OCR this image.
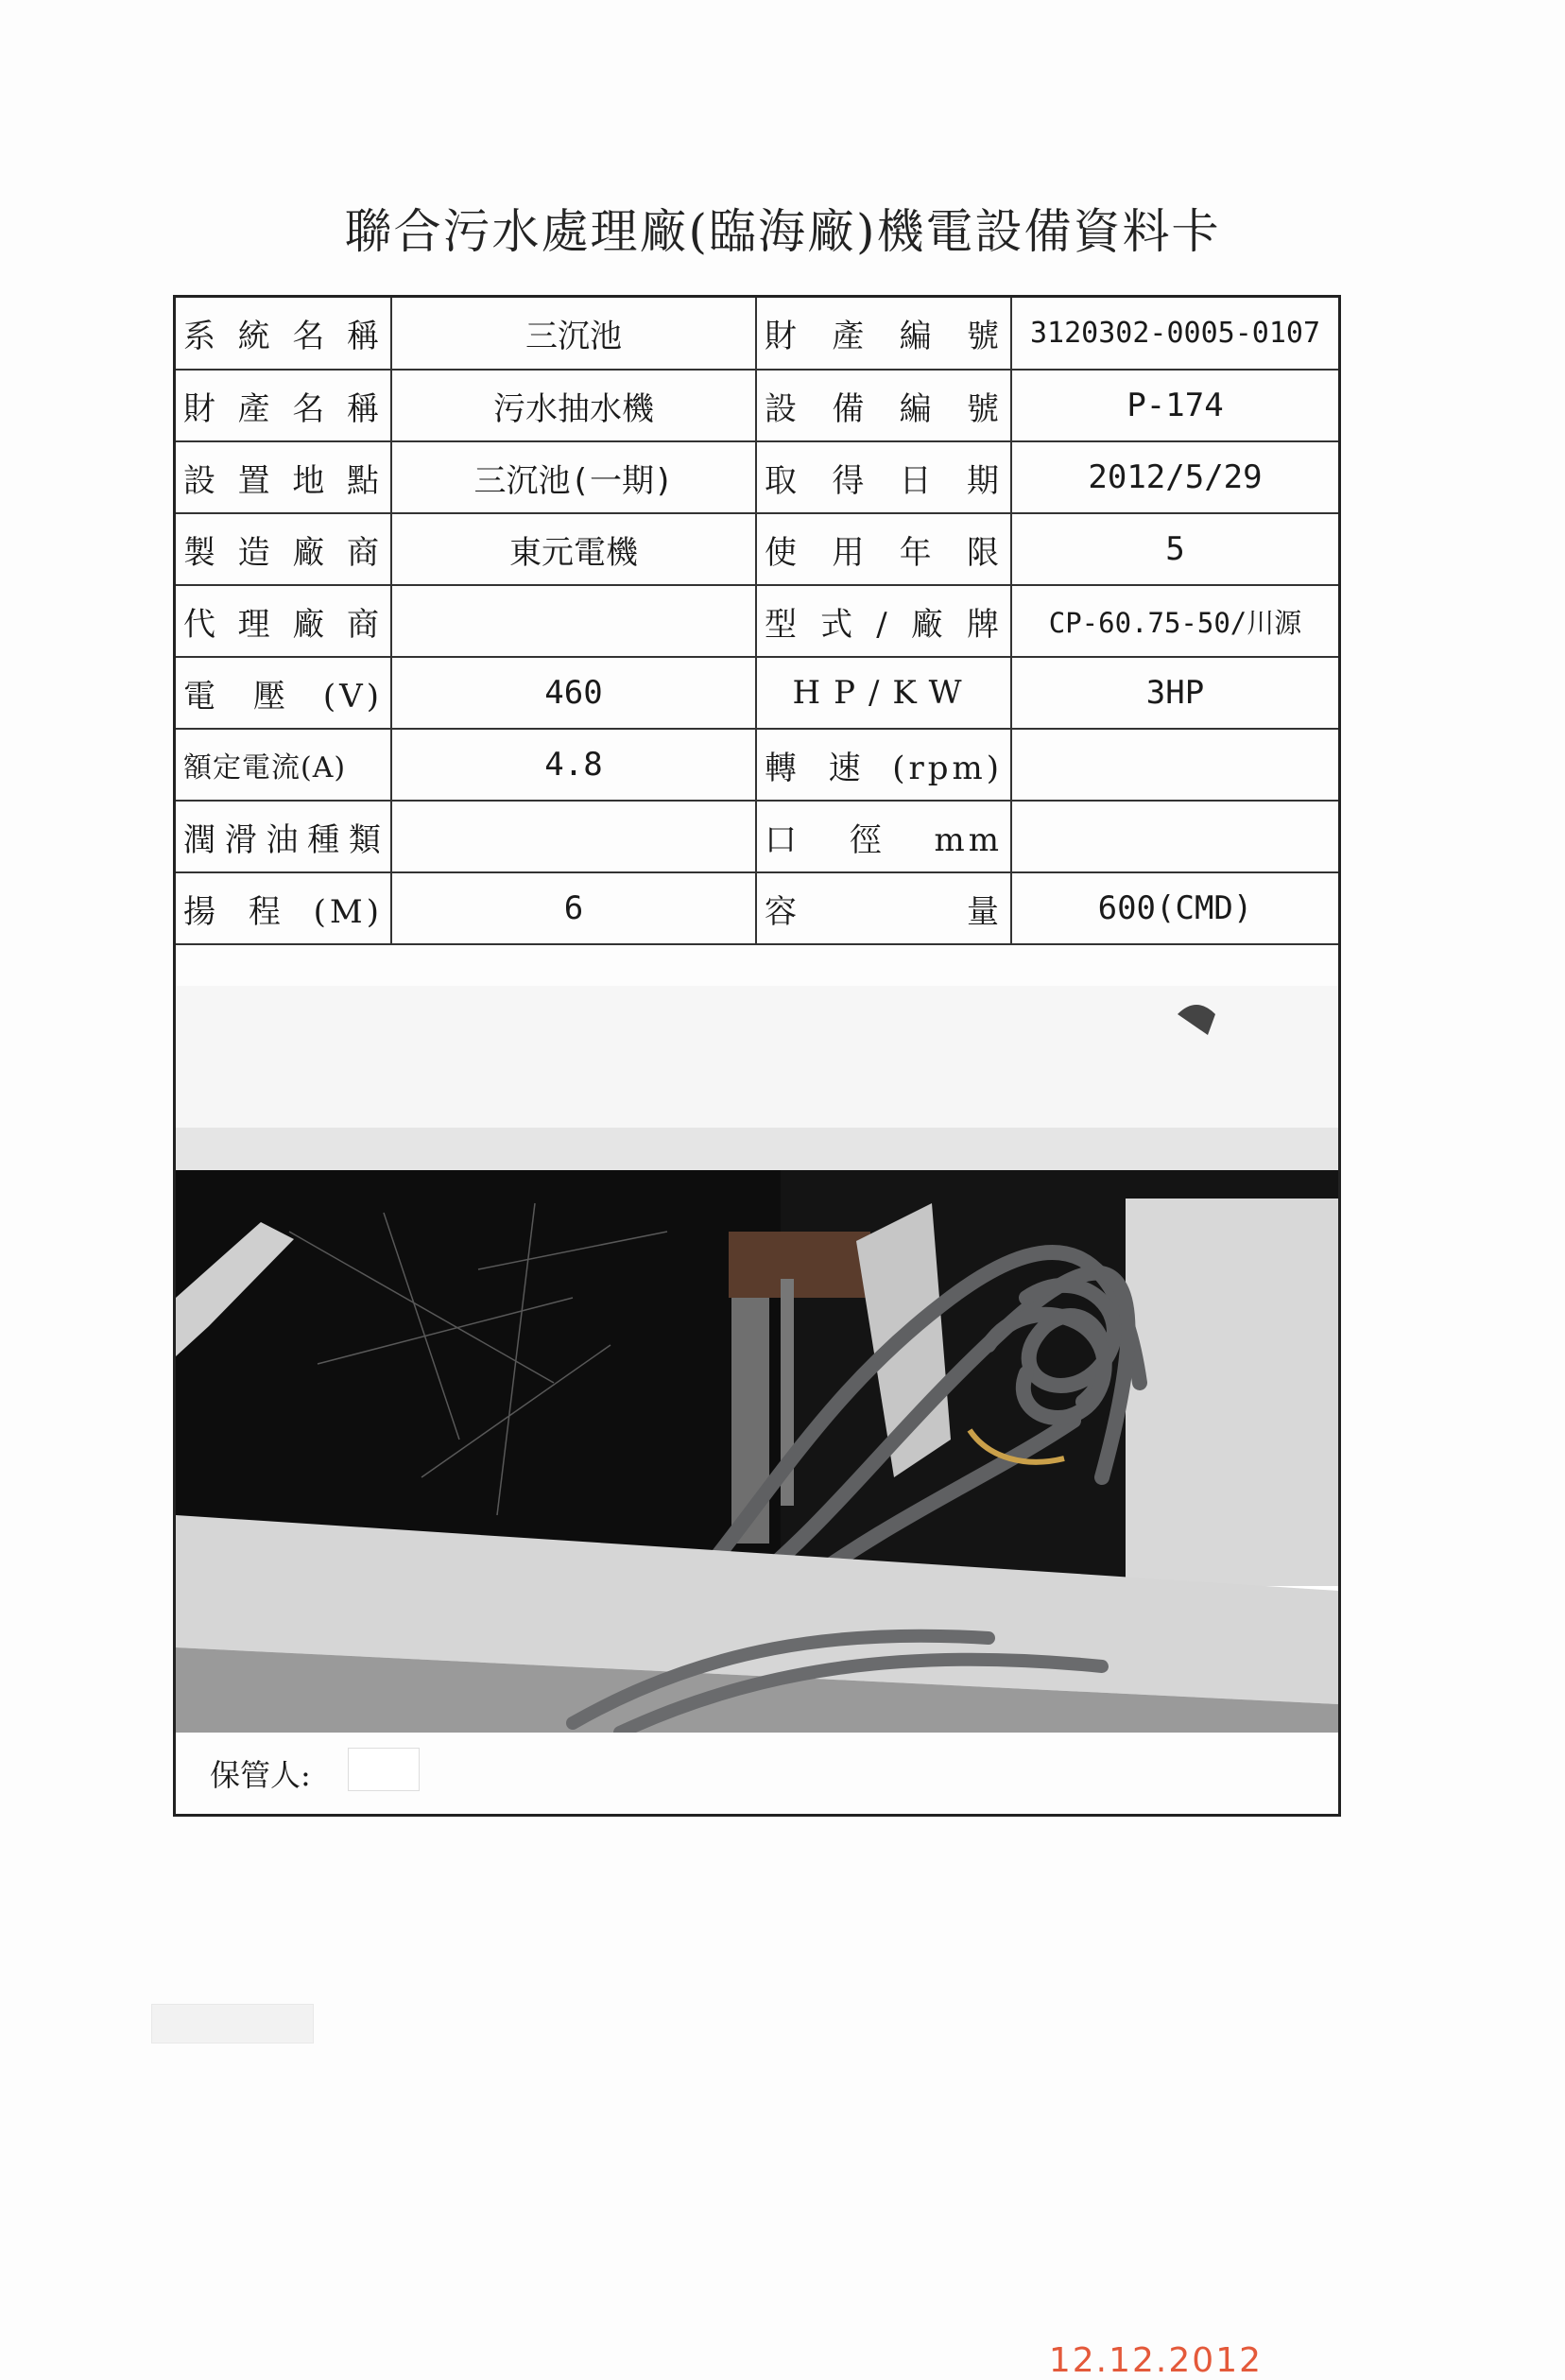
聯合污水處理廠(臨海廠)機電設備資料卡
系統名稱	三沉池	財產編號	3120302-0005-0107
財產名稱	污水抽水機	設備編號	P-174
設置地點	三沉池(一期)	取得日期	2012/5/29
製造廠商	東元電機	使用年限	5
代理廠商		型式/廠牌	CP-60.75-50/川源
電壓(V)	460	HP/KW	3HP
額定電流(A)	4.8	轉速(rpm)	
潤滑油種類		口 徑 mm	
揚程(M)	6	容 量	600(CMD)
12.12.2012
保管人:
